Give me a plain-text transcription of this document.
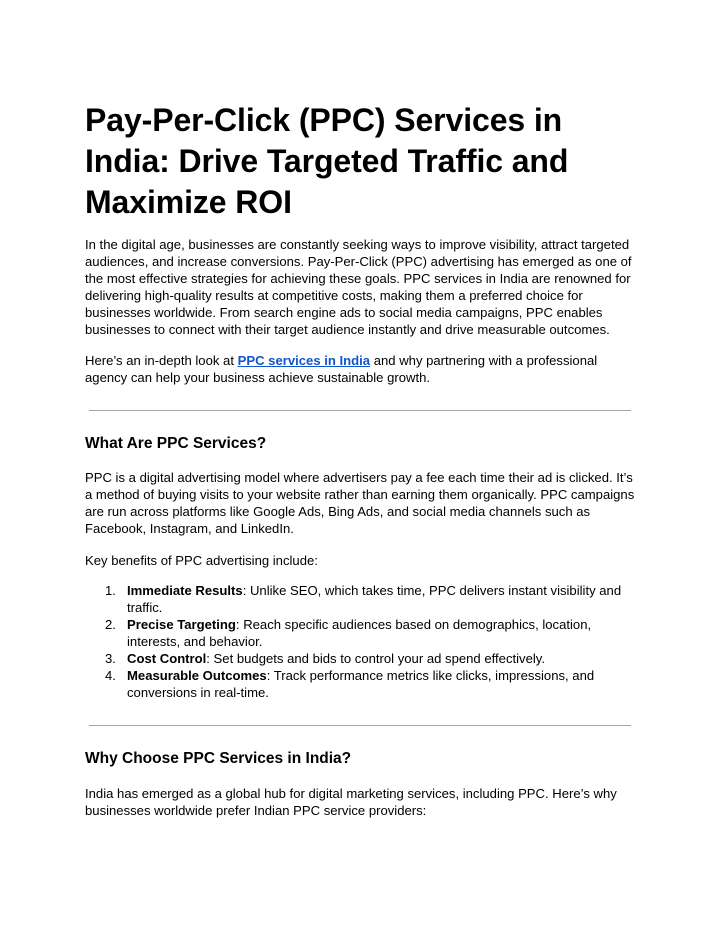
Pay-Per-Click (PPC) Services in India: Drive Targeted Traffic and Maximize ROI

In the digital age, businesses are constantly seeking ways to improve visibility, attract targeted audiences, and increase conversions. Pay-Per-Click (PPC) advertising has emerged as one of the most effective strategies for achieving these goals. PPC services in India are renowned for delivering high-quality results at competitive costs, making them a preferred choice for businesses worldwide. From search engine ads to social media campaigns, PPC enables businesses to connect with their target audience instantly and drive measurable outcomes.

Here’s an in-depth look at PPC services in India and why partnering with a professional agency can help your business achieve sustainable growth.

What Are PPC Services?

PPC is a digital advertising model where advertisers pay a fee each time their ad is clicked. It’s a method of buying visits to your website rather than earning them organically. PPC campaigns are run across platforms like Google Ads, Bing Ads, and social media channels such as Facebook, Instagram, and LinkedIn.

Key benefits of PPC advertising include:

1. Immediate Results: Unlike SEO, which takes time, PPC delivers instant visibility and traffic.
2. Precise Targeting: Reach specific audiences based on demographics, location, interests, and behavior.
3. Cost Control: Set budgets and bids to control your ad spend effectively.
4. Measurable Outcomes: Track performance metrics like clicks, impressions, and conversions in real-time.
Why Choose PPC Services in India?

India has emerged as a global hub for digital marketing services, including PPC. Here’s why businesses worldwide prefer Indian PPC service providers:
